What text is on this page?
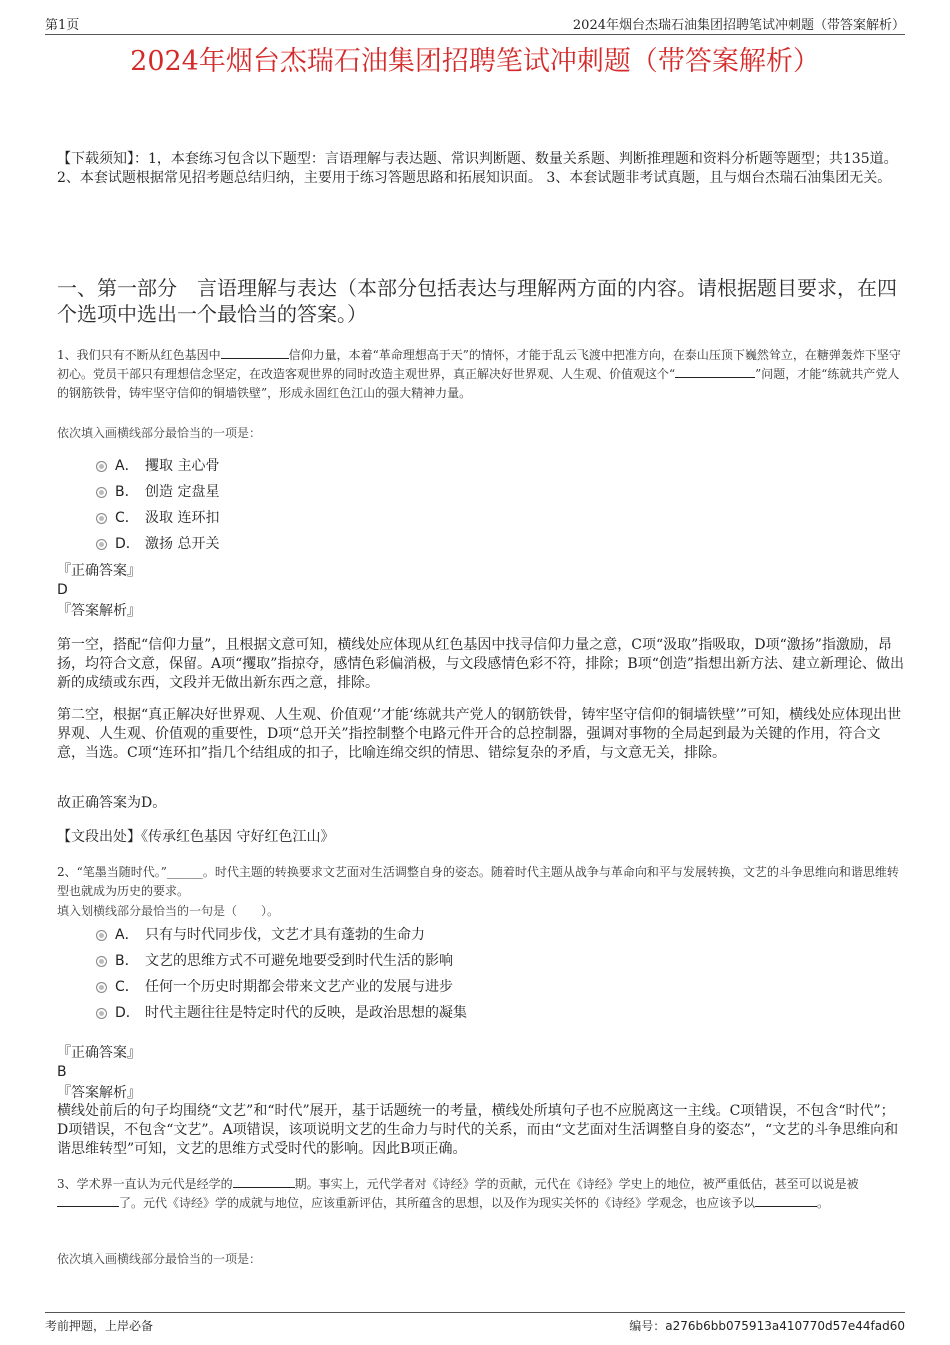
第1页	2024年烟台杰瑞石油集团招聘笔试冲刺题（带答案解析）
2024年烟台杰瑞石油集团招聘笔试冲刺题（带答案解析）
【下载须知】：1，本套练习包含以下题型：言语理解与表达题、常识判断题、数量关系题、判断推理题和资料分析题等题型；共135道。 2、本套试题根据常见招考题总结归纳，主要用于练习答题思路和拓展知识面。 3、本套试题非考试真题，且与烟台杰瑞石油集团无关。
一、第一部分　言语理解与表达（本部分包括表达与理解两方面的内容。请根据题目要求，在四个选项中选出一个最恰当的答案。）
1、我们只有不断从红色基因中	信仰力量，本着“革命理想高于天”的情怀，才能于乱云飞渡中把准方向，在泰山压顶下巍然耸立，在糖弹轰炸下坚守初心。党员干部只有理想信念坚定，在改造客观世界的同时改造主观世界，真正解决好世界观、人生观、价值观这个“	”问题，才能“练就共产党人的钢筋铁骨，铸牢坚守信仰的铜墙铁壁”，形成永固红色江山的强大精神力量。
依次填入画横线部分最恰当的一项是：
A． 攫取 主心骨
B． 创造 定盘星
C． 汲取 连环扣
D． 激扬 总开关
『正确答案』
D
『答案解析』
第一空，搭配“信仰力量”，且根据文意可知，横线处应体现从红色基因中找寻信仰力量之意，C项“汲取”指吸取，D项“激扬”指激励，昂扬，均符合文意，保留。A项“攫取”指掠夺，感情色彩偏消极，与文段感情色彩不符，排除；B项“创造”指想出新方法、建立新理论、做出新的成绩或东西，文段并无做出新东西之意，排除。
第二空，根据“真正解决好世界观、人生观、价值观‘’才能‘练就共产党人的钢筋铁骨，铸牢坚守信仰的铜墙铁壁’”可知，横线处应体现出世界观、人生观、价值观的重要性，D项“总开关”指控制整个电路元件开合的总控制器，强调对事物的全局起到最为关键的作用，符合文意，当选。C项“连环扣”指几个结组成的扣子，比喻连绵交织的情思、错综复杂的矛盾，与文意无关，排除。
故正确答案为D。
【文段出处】《传承红色基因 守好红色江山》
2、“笔墨当随时代。”______。时代主题的转换要求文艺面对生活调整自身的姿态。随着时代主题从战争与革命向和平与发展转换，文艺的斗争思维向和谐思维转型也就成为历史的要求。
填入划横线部分最恰当的一句是（　　）。
A． 只有与时代同步伐，文艺才具有蓬勃的生命力
B． 文艺的思维方式不可避免地要受到时代生活的影响
C． 任何一个历史时期都会带来文艺产业的发展与进步
D． 时代主题往往是特定时代的反映，是政治思想的凝集
『正确答案』
B
『答案解析』
横线处前后的句子均围绕“文艺”和“时代”展开，基于话题统一的考量，横线处所填句子也不应脱离这一主线。C项错误，不包含“时代”；D项错误，不包含“文艺”。A项错误，该项说明文艺的生命力与时代的关系，而由“文艺面对生活调整自身的姿态”，“文艺的斗争思维向和谐思维转型”可知，文艺的思维方式受时代的影响。因此B项正确。
3、学术界一直认为元代是经学的	期。事实上，元代学者对《诗经》学的贡献，元代在《诗经》学史上的地位，被严重低估，甚至可以说是被了。元代《诗经》学的成就与地位，应该重新评估，其所蕴含的思想，以及作为现实关怀的《诗经》学观念，也应该予以	。
依次填入画横线部分最恰当的一项是：
考前押题，上岸必备	编号：a276b6bb075913a410770d57e44fad60
